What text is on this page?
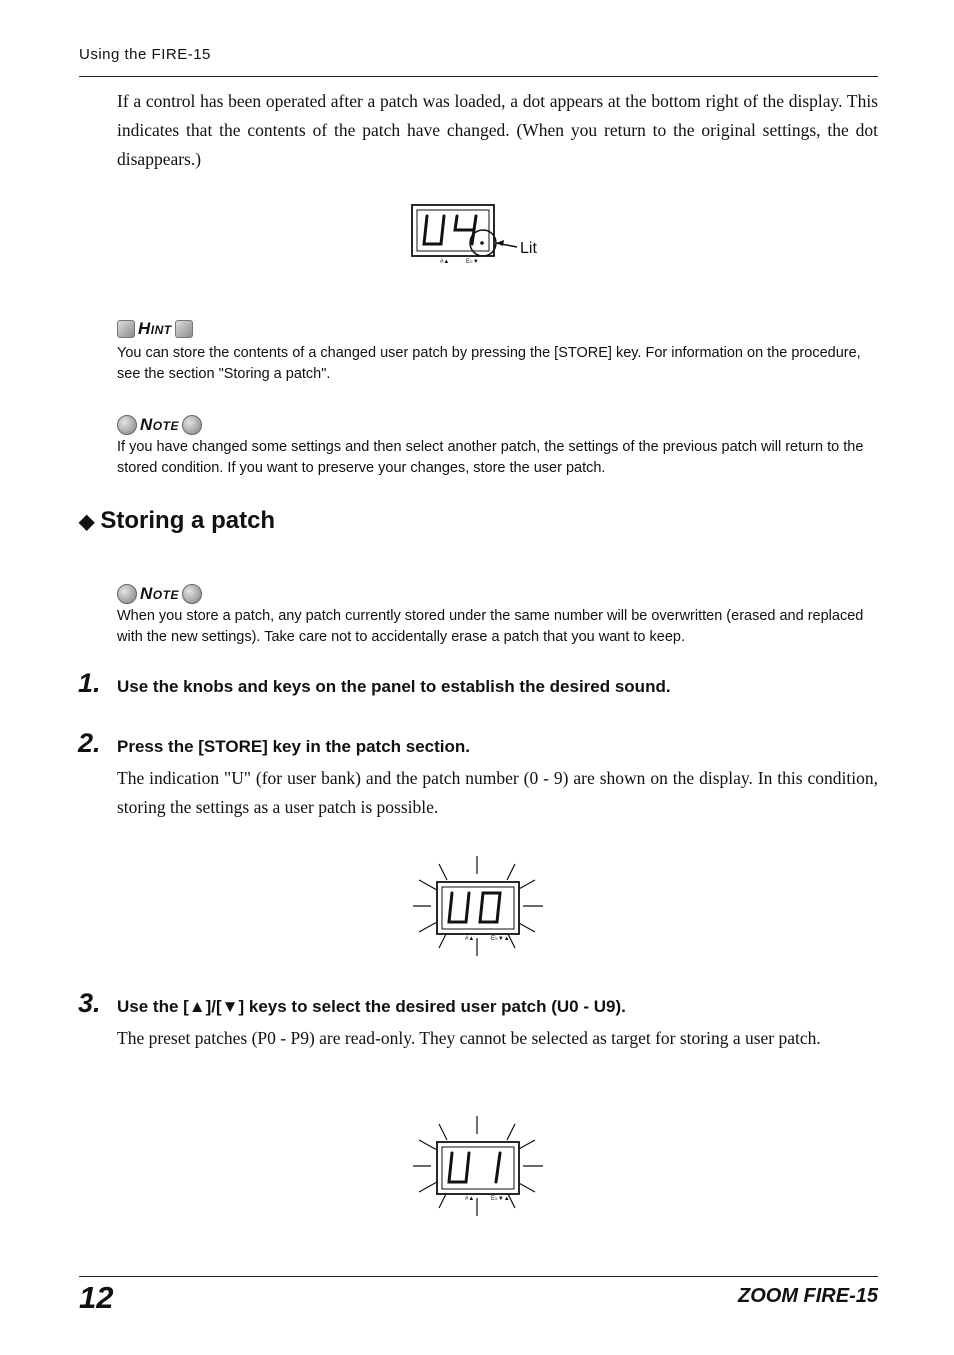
Using the FIRE-15
If a control has been operated after a patch was loaded, a dot appears at the bottom right of the display. This indicates that the contents of the patch have changed. (When you return to the original settings, the dot disappears.)
#▲	E♭▼
Lit
Hint
You can store the contents of a changed user patch by pressing the [STORE] key. For information on the procedure, see the section "Storing a patch".
Note
If you have changed some settings and then select another patch, the settings of the previous patch will return to the stored condition. If you want to preserve your changes, store the user patch.
◆ Storing a patch
Note
When you store a patch, any patch currently stored under the same number will be overwritten (erased and replaced with the new settings). Take care not to accidentally erase a patch that you want to keep.
1. Use the knobs and keys on the panel to establish the desired sound.
2. Press the [STORE] key in the patch section.
The indication "U" (for user bank) and the patch number (0 - 9) are shown on the display. In this condition, storing the settings as a user patch is possible.
#▲	E♭▼▲
3. Use the [▲]/[▼] keys to select the desired user patch (U0 - U9).
The preset patches (P0 - P9) are read-only. They cannot be selected as target for storing a user patch.
#▲	E♭▼▲
12	ZOOM FIRE-15
